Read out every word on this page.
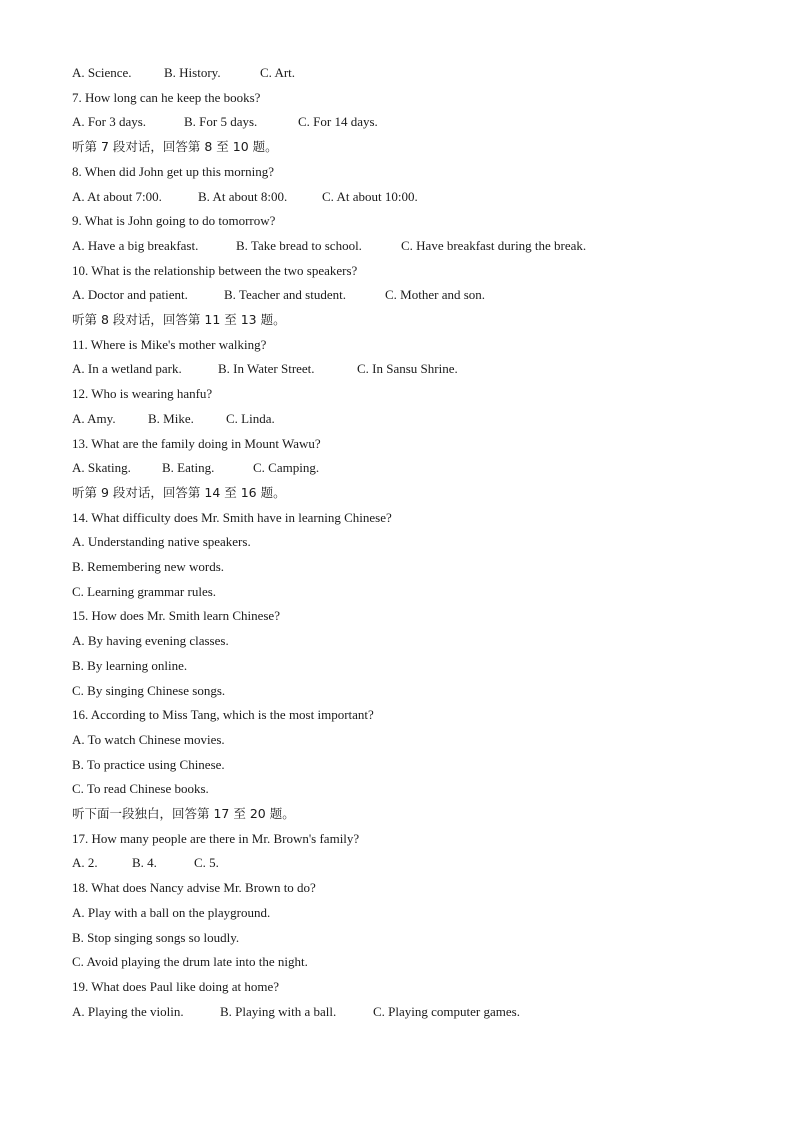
A. Science. B. History.	C. Art.
7. How long can he keep the books?
A. For 3 days.	B. For 5 days.	C. For 14 days.
听第 7 段对话，回答第 8 至 10 题。
8. When did John get up this morning?
A. At about 7:00.	B. At about 8:00.	C. At about 10:00.
9. What is John going to do tomorrow?
A. Have a big breakfast.	B. Take bread to school.	C. Have breakfast during the break.
10. What is the relationship between the two speakers?
A. Doctor and patient.	B. Teacher and student.	C. Mother and son.
听第 8 段对话，回答第 11 至 13 题。
11. Where is Mike's mother walking?
A. In a wetland park.	B. In Water Street.	C. In Sansu Shrine.
12. Who is wearing hanfu?
A. Amy. B. Mike. C. Linda.
13. What are the family doing in Mount Wawu?
A. Skating. B. Eating.	C. Camping.
听第 9 段对话，回答第 14 至 16 题。
14. What difficulty does Mr. Smith have in learning Chinese?
A. Understanding native speakers.
B. Remembering new words.
C. Learning grammar rules.
15. How does Mr. Smith learn Chinese?
A. By having evening classes.
B. By learning online.
C. By singing Chinese songs.
16. According to Miss Tang, which is the most important?
A. To watch Chinese movies.
B. To practice using Chinese.
C. To read Chinese books.
听下面一段独白，回答第 17 至 20 题。
17. How many people are there in Mr. Brown's family?
A. 2.	B. 4.	C. 5.
18. What does Nancy advise Mr. Brown to do?
A. Play with a ball on the playground.
B. Stop singing songs so loudly.
C. Avoid playing the drum late into the night.
19. What does Paul like doing at home?
A. Playing the violin.	B. Playing with a ball.	C. Playing computer games.
